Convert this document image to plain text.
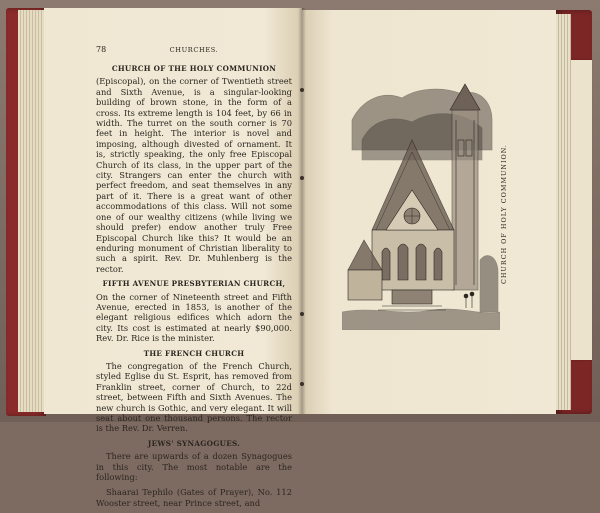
78	CHURCHES.
CHURCH OF THE HOLY COMMUNION

(Episcopal), on the corner of Twentieth street and Sixth Avenue, is a singular-looking building of brown stone, in the form of a cross. Its extreme length is 104 feet, by 66 in width. The turret on the south corner is 70 feet in height. The interior is novel and imposing, although divested of ornament. It is, strictly speaking, the only free Episcopal Church of its class, in the upper part of the city. Strangers can enter the church with perfect freedom, and seat themselves in any part of it. There is a great want of other accommodations of this class. Will not some one of our wealthy citizens (while living we should prefer) endow another truly Free Episcopal Church like this? It would be an enduring monument of Christian liberality to such a spirit. Rev. Dr. Muhlenberg is the rector.

FIFTH AVENUE PRESBYTERIAN CHURCH,

On the corner of Nineteenth street and Fifth Avenue, erected in 1853, is another of the elegant religious edifices which adorn the city. Its cost is estimated at nearly $90,000. Rev. Dr. Rice is the minister.

THE FRENCH CHURCH

The congregation of the French Church, styled Eglise du St. Esprit, has removed from Franklin street, corner of Church, to 22d street, between Fifth and Sixth Avenues. The new church is Gothic, and very elegant. It will seat about one thousand persons. The rector is the Rev. Dr. Verren.

JEWS' SYNAGOGUES.

There are upwards of a dozen Synagogues in this city. The most notable are the following:

Shaarai Tephilo (Gates of Prayer), No. 112 Wooster street, near Prince street, and

CHURCH OF HOLY COMMUNION.
